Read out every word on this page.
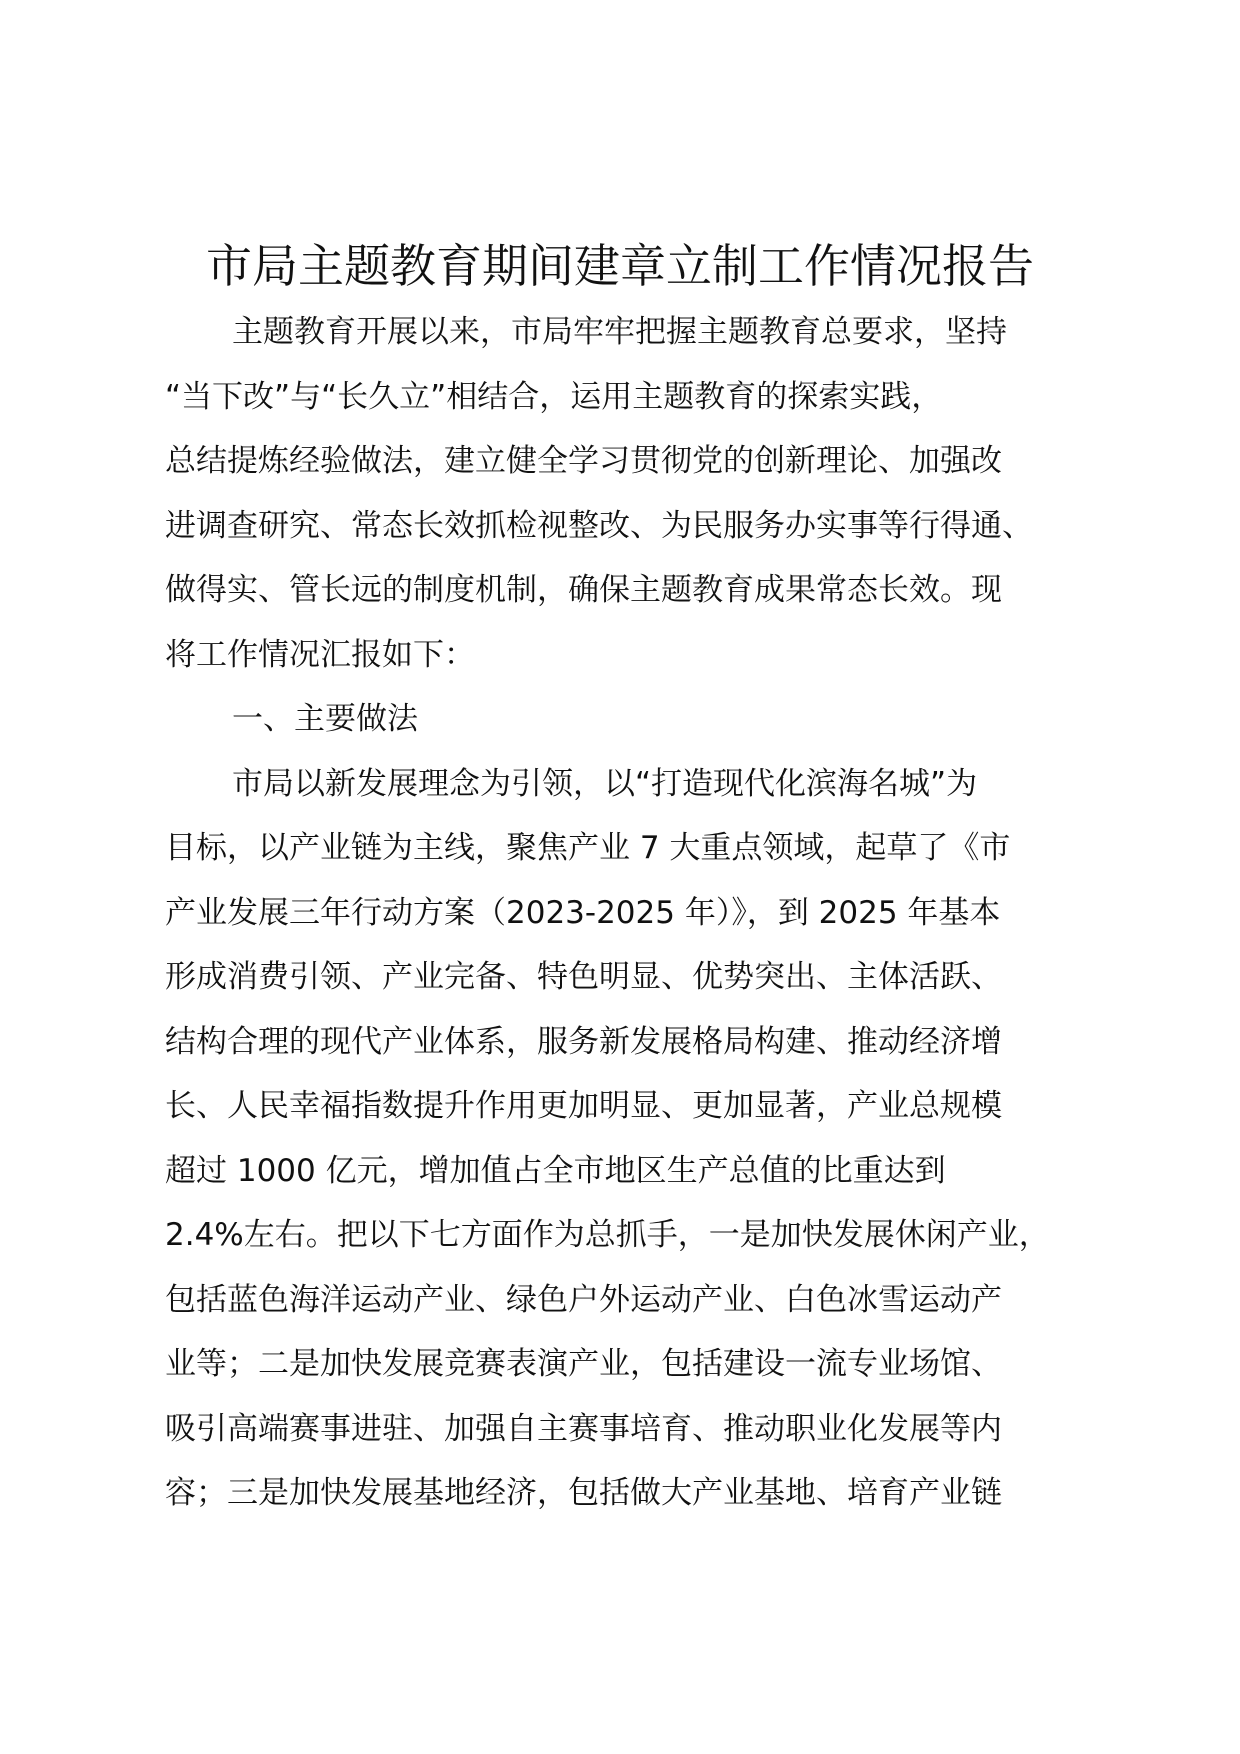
市局主题教育期间建章立制工作情况报告
主题教育开展以来，市局牢牢把握主题教育总要求，坚持
“当下改”与“长久立”相结合，运用主题教育的探索实践，
总结提炼经验做法，建立健全学习贯彻党的创新理论、加强改
进调查研究、常态长效抓检视整改、为民服务办实事等行得通、
做得实、管长远的制度机制，确保主题教育成果常态长效。现
将工作情况汇报如下：
一、主要做法
市局以新发展理念为引领，以“打造现代化滨海名城”为
目标，以产业链为主线，聚焦产业 7 大重点领域，起草了《市
产业发展三年行动方案（2023-2025 年）》，到 2025 年基本
形成消费引领、产业完备、特色明显、优势突出、主体活跃、
结构合理的现代产业体系，服务新发展格局构建、推动经济增
长、人民幸福指数提升作用更加明显、更加显著，产业总规模
超过 1000 亿元，增加值占全市地区生产总值的比重达到
2.4%左右。把以下七方面作为总抓手，一是加快发展休闲产业，
包括蓝色海洋运动产业、绿色户外运动产业、白色冰雪运动产
业等；二是加快发展竞赛表演产业，包括建设一流专业场馆、
吸引高端赛事进驻、加强自主赛事培育、推动职业化发展等内
容；三是加快发展基地经济，包括做大产业基地、培育产业链
